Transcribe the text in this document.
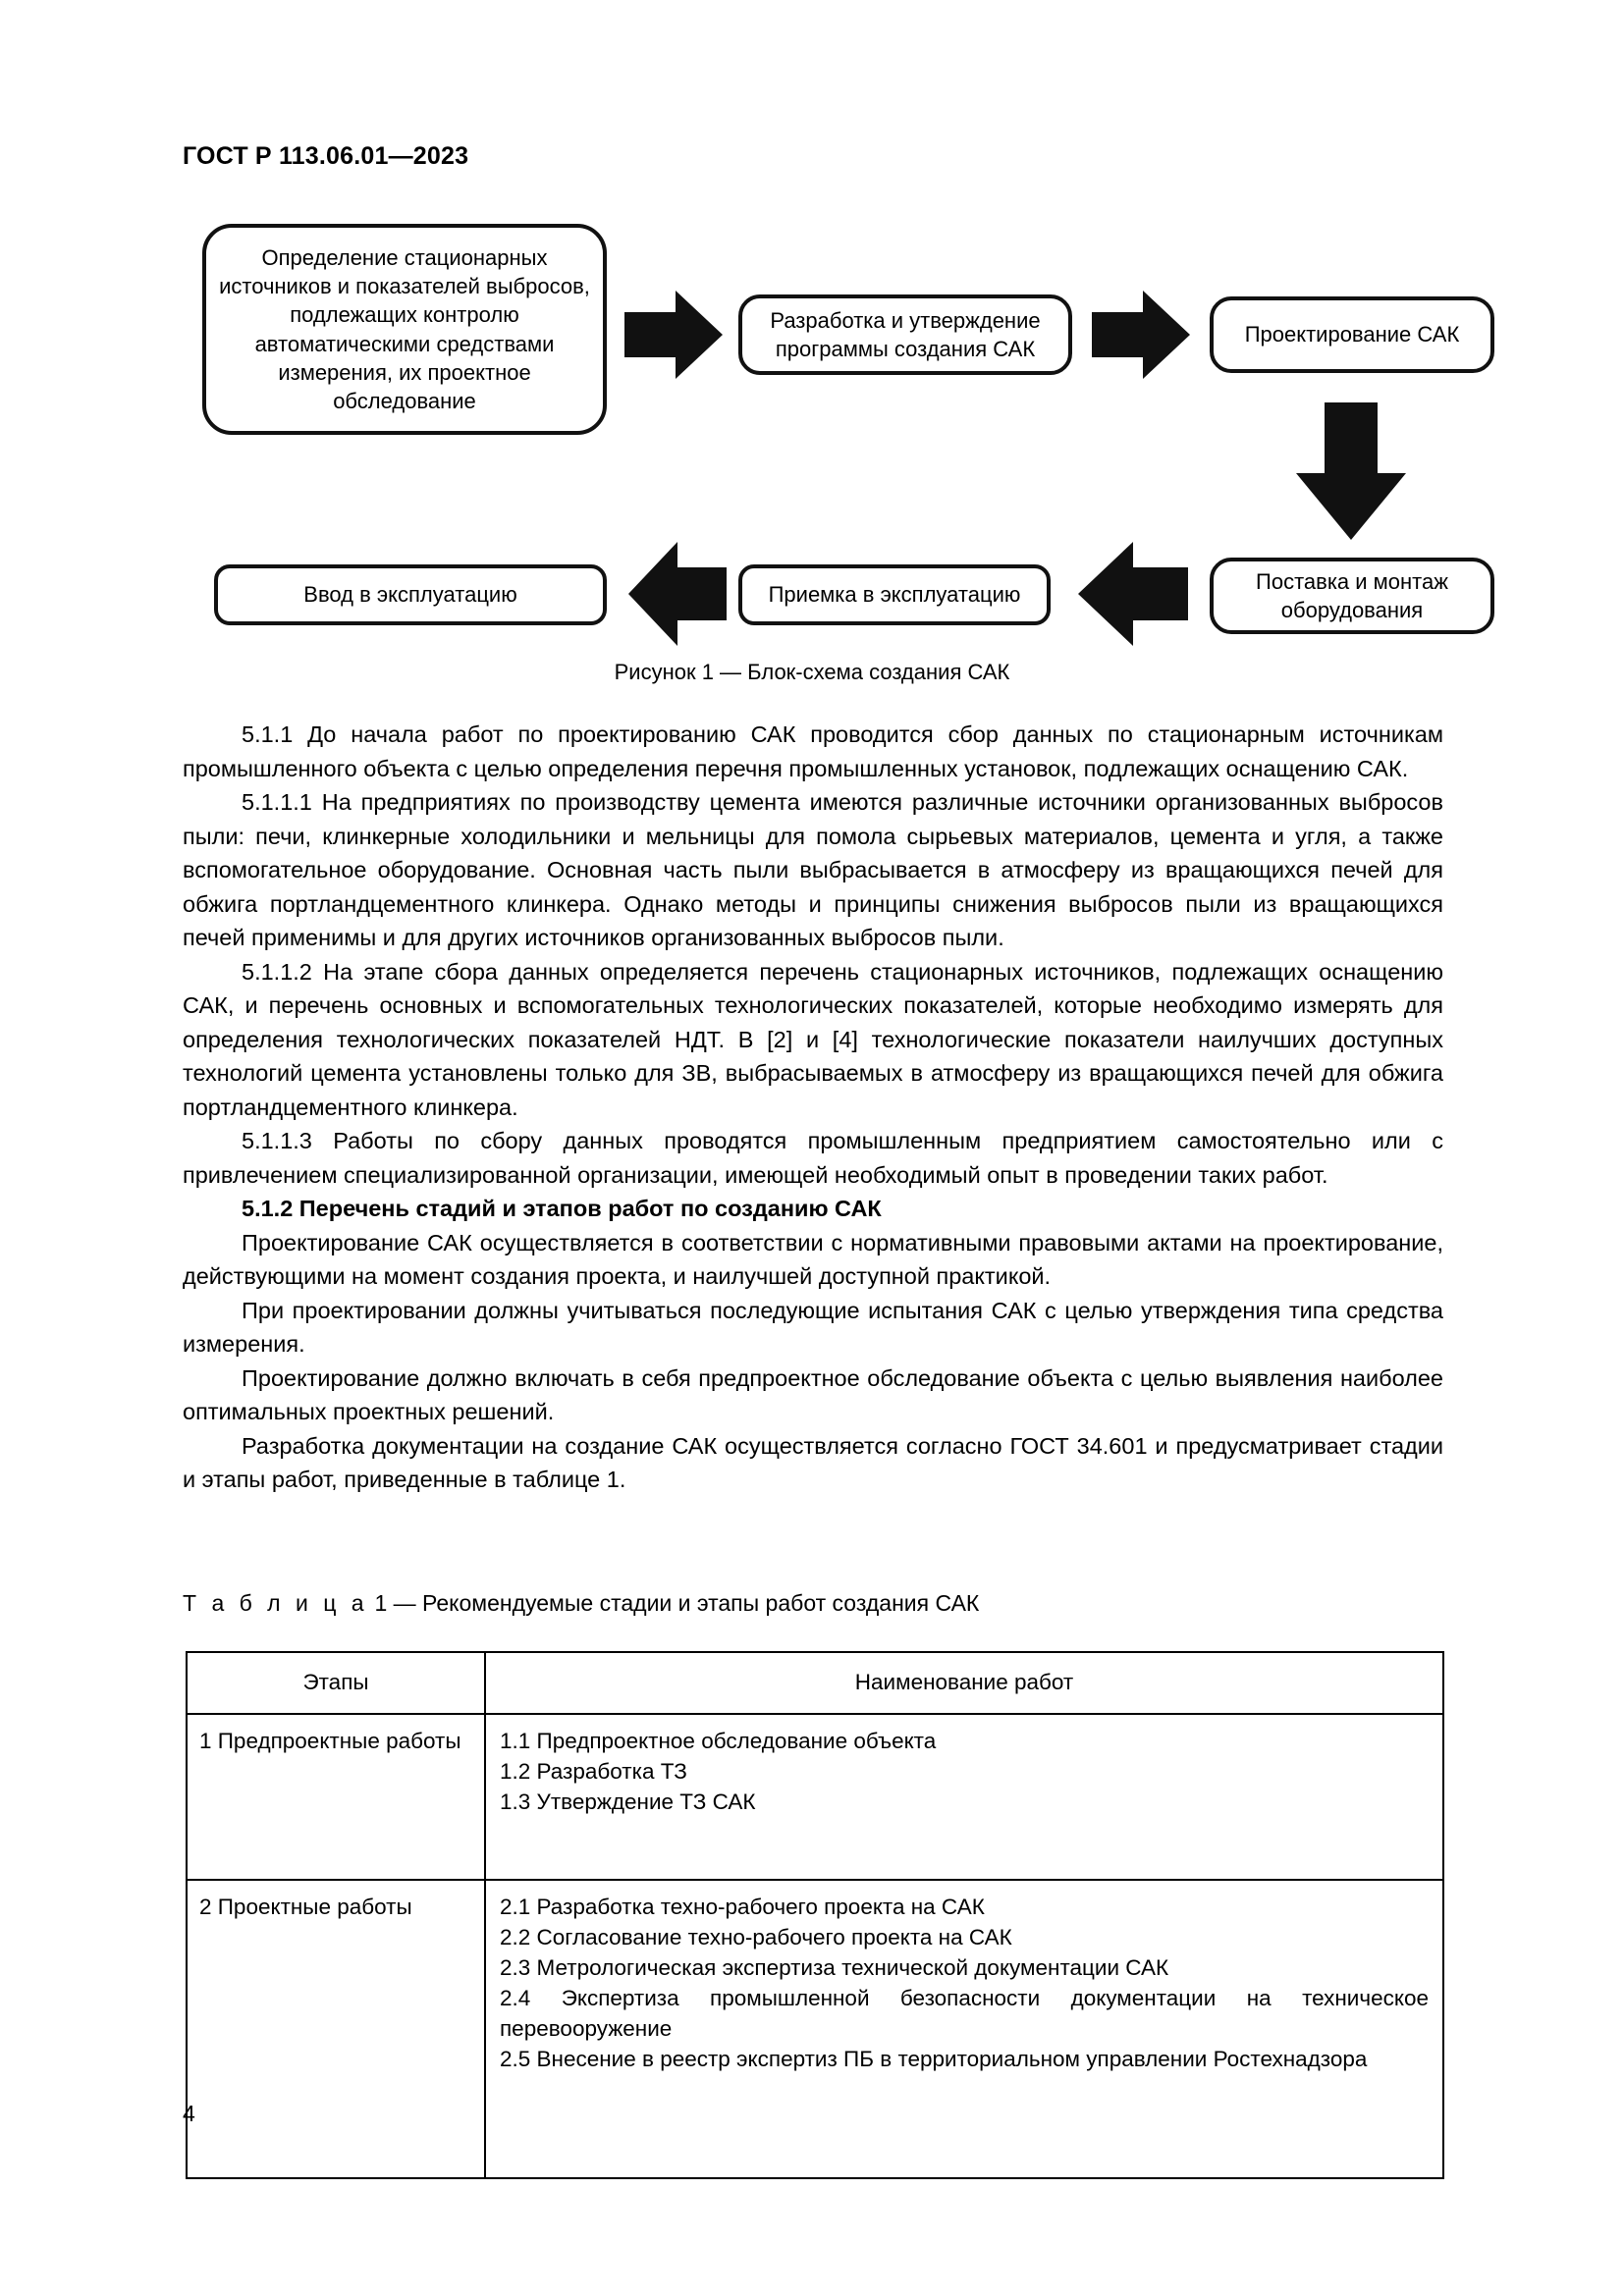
ГОСТ Р 113.06.01—2023
Определение стационарных источников и показателей выбросов, подлежащих контролю автоматическими средствами измерения, их проектное обследование
Разработка и утверждение программы создания САК
Проектирование САК
Поставка и монтаж оборудования
Приемка в эксплуатацию
Ввод в эксплуатацию
Рисунок 1 — Блок-схема создания САК

5.1.1 До начала работ по проектированию САК проводится сбор данных по стационарным источникам промышленного объекта с целью определения перечня промышленных установок, подлежащих оснащению САК.

5.1.1.1 На предприятиях по производству цемента имеются различные источники организованных выбросов пыли: печи, клинкерные холодильники и мельницы для помола сырьевых материалов, цемента и угля, а также вспомогательное оборудование. Основная часть пыли выбрасывается в атмосферу из вращающихся печей для обжига портландцементного клинкера. Однако методы и принципы снижения выбросов пыли из вращающихся печей применимы и для других источников организованных выбросов пыли.

5.1.1.2 На этапе сбора данных определяется перечень стационарных источников, подлежащих оснащению САК, и перечень основных и вспомогательных технологических показателей, которые необходимо измерять для определения технологических показателей НДТ. В [2] и [4] технологические показатели наилучших доступных технологий цемента установлены только для ЗВ, выбрасываемых в атмосферу из вращающихся печей для обжига портландцементного клинкера.

5.1.1.3 Работы по сбору данных проводятся промышленным предприятием самостоятельно или с привлечением специализированной организации, имеющей необходимый опыт в проведении таких работ.

5.1.2 Перечень стадий и этапов работ по созданию САК

Проектирование САК осуществляется в соответствии с нормативными правовыми актами на проектирование, действующими на момент создания проекта, и наилучшей доступной практикой.

При проектировании должны учитываться последующие испытания САК с целью утверждения типа средства измерения.

Проектирование должно включать в себя предпроектное обследование объекта с целью выявления наиболее оптимальных проектных решений.

Разработка документации на создание САК осуществляется согласно ГОСТ 34.601 и предусматривает стадии и этапы работ, приведенные в таблице 1.

Т а б л и ц а 1 — Рекомендуемые стадии и этапы работ создания САК
Этапы	Наименование работ
1 Предпроектные работы	1.1 Предпроектное обследование объекта
1.2 Разработка ТЗ
1.3 Утверждение ТЗ САК

2 Проектные работы	2.1 Разработка техно-рабочего проекта на САК
2.2 Согласование техно-рабочего проекта на САК
2.3 Метрологическая экспертиза технической документации САК
2.4 Экспертиза промышленной безопасности документации на техническое перевооружение
2.5 Внесение в реестр экспертиз ПБ в территориальном управлении Ростехнадзора
4
